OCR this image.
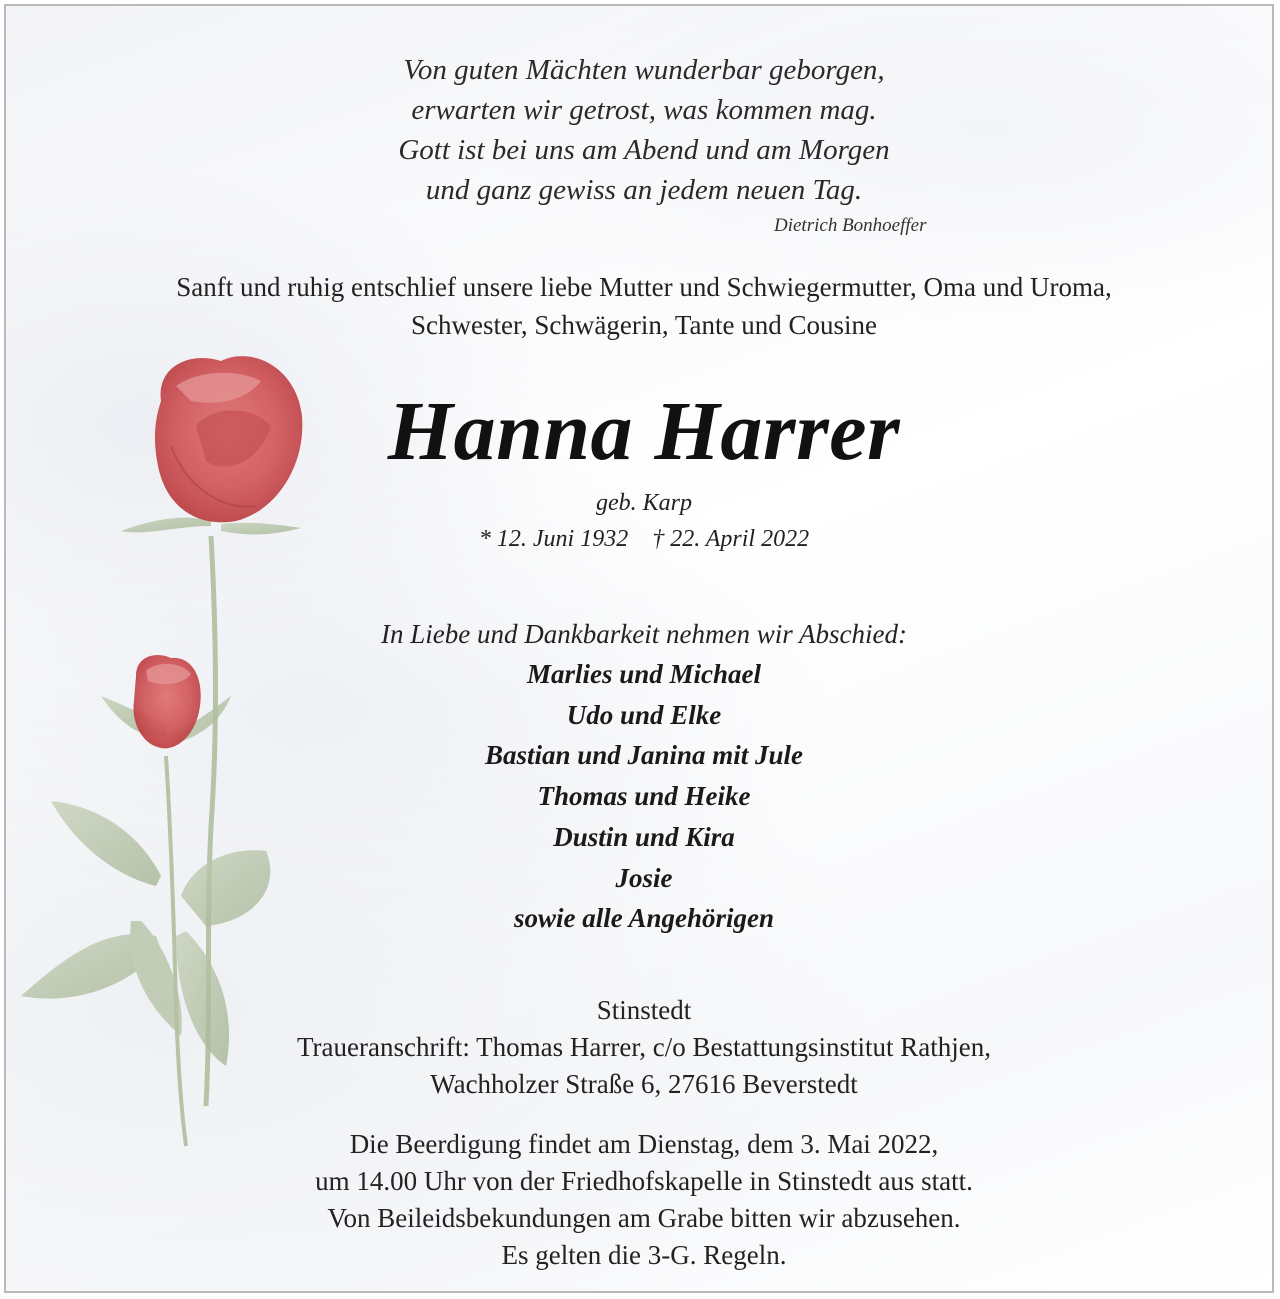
Von guten Mächten wunderbar geborgen,
erwarten wir getrost, was kommen mag.
Gott ist bei uns am Abend und am Morgen
und ganz gewiss an jedem neuen Tag.
Dietrich Bonhoeffer
Sanft und ruhig entschlief unsere liebe Mutter und Schwiegermutter, Oma und Uroma,
Schwester, Schwägerin, Tante und Cousine
Hanna Harrer
geb. Karp
* 12. Juni 1932    † 22. April 2022
In Liebe und Dankbarkeit nehmen wir Abschied:
Marlies und Michael
Udo und Elke
Bastian und Janina mit Jule
Thomas und Heike
Dustin und Kira
Josie
sowie alle Angehörigen
Stinstedt
Traueranschrift: Thomas Harrer, c/o Bestattungsinstitut Rathjen,
Wachholzer Straße 6, 27616 Beverstedt
Die Beerdigung findet am Dienstag, dem 3. Mai 2022,
um 14.00 Uhr von der Friedhofskapelle in Stinstedt aus statt.
Von Beileidsbekundungen am Grabe bitten wir abzusehen.
Es gelten die 3-G. Regeln.
